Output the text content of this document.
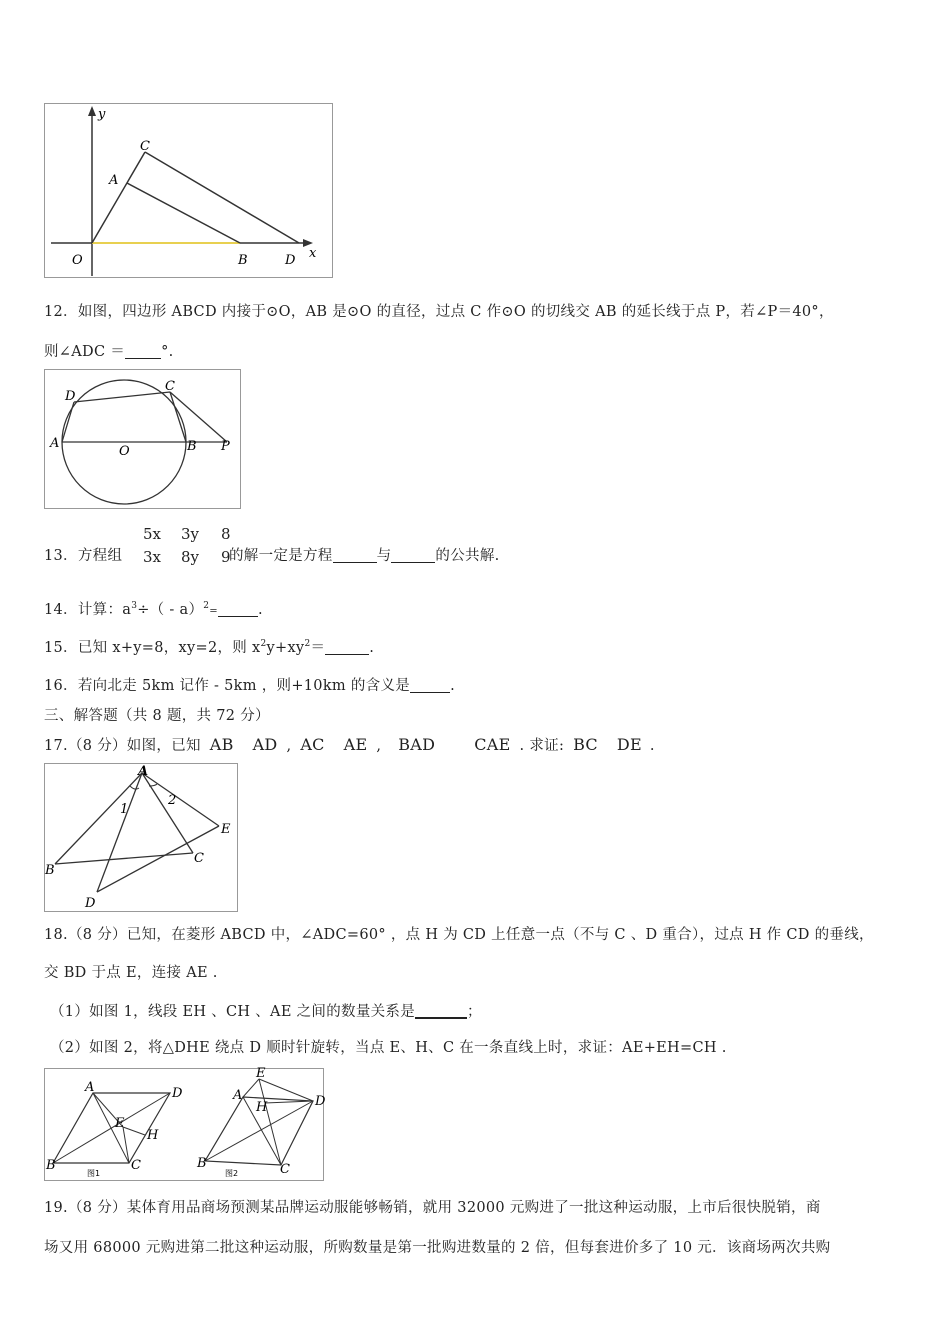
y
x
O
A
C
B	D
12．如图，四边形 ABCD 内接于⊙O，AB 是⊙O 的直径，过点 C 作⊙O 的切线交 AB 的延长线于点 P，若∠P＝40°，
则∠ADC ＝ °.
D
C
A
O	B P
13．方程组
5x 3y 8
3x 8y 9
的解一定是方程	与	的公共解.
14．计算：$a^3\div( - a)^2=$	.
15．已知 x+y=8，xy=2，则 $x^2y+xy^2=$	.
16．若向北走 5km 记作 - 5km ，则+10km 的含义是	.
三、解答题（共 8 题，共 72 分）
17.（8 分）如图，已知 AB AD , AC AE , BAD CAE . 求证: BC DE .
A
1
2
E
B
C
D
18.（8 分）已知，在菱形 ABCD 中，∠ADC=60° ，点 H 为 CD 上任意一点（不与 C 、D 重合），过点 H 作 CD 的垂线，
交 BD 于点 E，连接 AE .
（1）如图 1，线段 EH 、CH 、AE 之间的数量关系是	；
（2）如图 2，将△DHE 绕点 D 顺时针旋转，当点 E、H、C 在一条直线上时，求证：AE+EH=CH .
A	D
E
H
B	C
图1
E
A
H	D
B	C
图2
19.（8 分）某体育用品商场预测某品牌运动服能够畅销，就用 32000 元购进了一批这种运动服，上市后很快脱销，商
场又用 68000 元购进第二批这种运动服，所购数量是第一批购进数量的 2 倍，但每套进价多了 10 元．该商场两次共购
